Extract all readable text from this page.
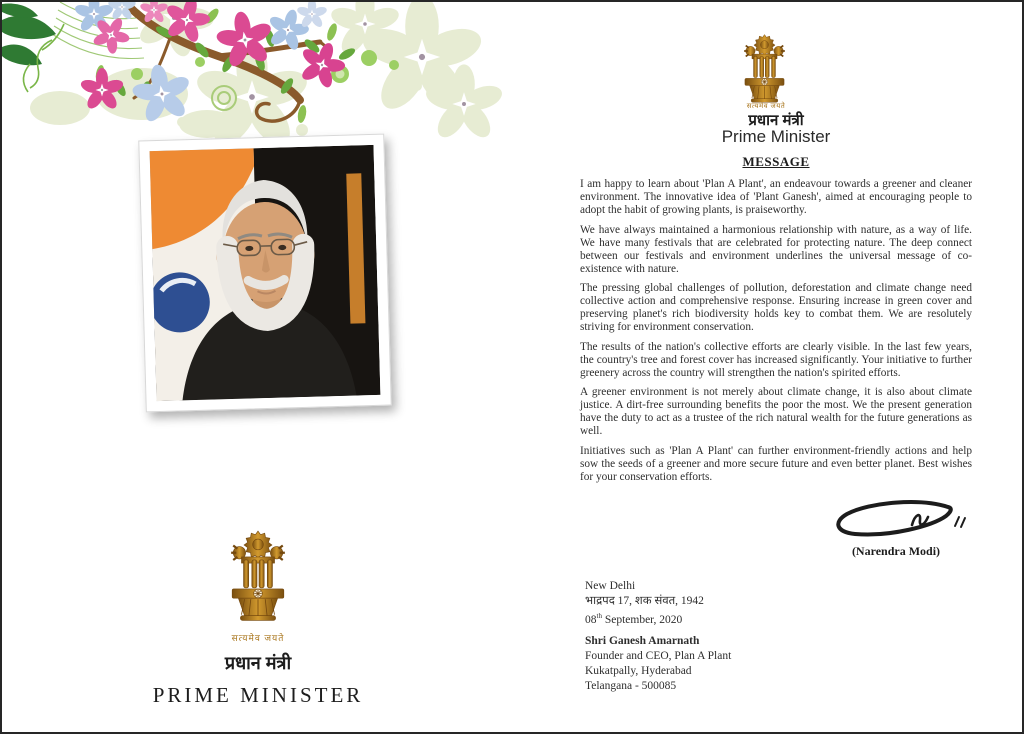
सत्यमेव जयते
प्रधान मंत्री
PRIME MINISTER
सत्यमेव जयते
प्रधान मंत्री
Prime Minister
MESSAGE

I am happy to learn about 'Plan A Plant', an endeavour towards a greener and cleaner environment. The innovative idea of 'Plant Ganesh', aimed at encouraging people to adopt the habit of growing plants, is praiseworthy.

We have always maintained a harmonious relationship with nature, as a way of life. We have many festivals that are celebrated for protecting nature. The deep connect between our festivals and environment underlines the universal message of co-existence with nature.

The pressing global challenges of pollution, deforestation and climate change need collective action and comprehensive response. Ensuring increase in green cover and preserving planet's rich biodiversity holds key to combat them. We are resolutely striving for environment conservation.

The results of the nation's collective efforts are clearly visible. In the last few years, the country's tree and forest cover has increased significantly. Your initiative to further greenery across the country will strengthen the nation's spirited efforts.

A greener environment is not merely about climate change, it is also about climate justice. A dirt-free surrounding benefits the poor the most. We the present generation have the duty to act as a trustee of the rich natural wealth for the future generations as well.

Initiatives such as 'Plan A Plant' can further environment-friendly actions and help sow the seeds of a greener and more secure future and even better planet. Best wishes for your conservation efforts.

(Narendra Modi)
New Delhi
भाद्रपद 17, शक संवत, 1942
08th September, 2020
Shri Ganesh Amarnath
Founder and CEO, Plan A Plant
Kukatpally, Hyderabad
Telangana - 500085
